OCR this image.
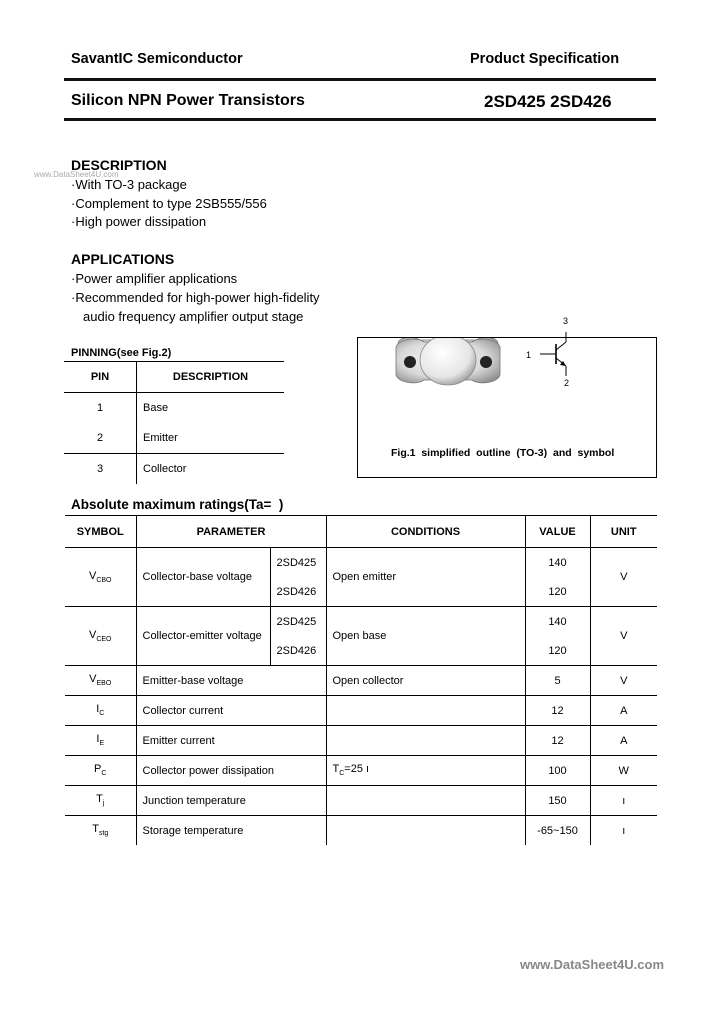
SavantIC Semiconductor	Product Specification
Silicon NPN Power Transistors	2SD425 2SD426
www.DataSheet4U.com
DESCRIPTION
·With TO-3 package
·Complement to type 2SB555/556
·High power dissipation
APPLICATIONS
·Power amplifier applications
·Recommended for high-power high-fidelity
audio frequency amplifier output stage
PINNING(see Fig.2)
PIN	DESCRIPTION
1	Base
2	Emitter
3	Collector
1
3
2
Fig.1  simplified  outline  (TO-3)  and  symbol
Absolute maximum ratings(Ta=  )
SYMBOL	PARAMETER		CONDITIONS	VALUE	UNIT
$V_{CBO}$	Collector-base voltage	2SD425	Open emitter	140	V
		2SD426		120	
$V_{CEO}$	Collector-emitter voltage	2SD425	Open base	140	V
		2SD426		120	
$V_{EBO}$	Emitter-base voltage		Open collector	5	V
$I_C$	Collector current			12	A
$I_E$	Emitter current			12	A
$P_C$	Collector power dissipation		$T_C=25$ ı	100	W
$T_j$	Junction temperature			150	ı
$T_{stg}$	Storage temperature			-65~150	ı
www.DataSheet4U.com
